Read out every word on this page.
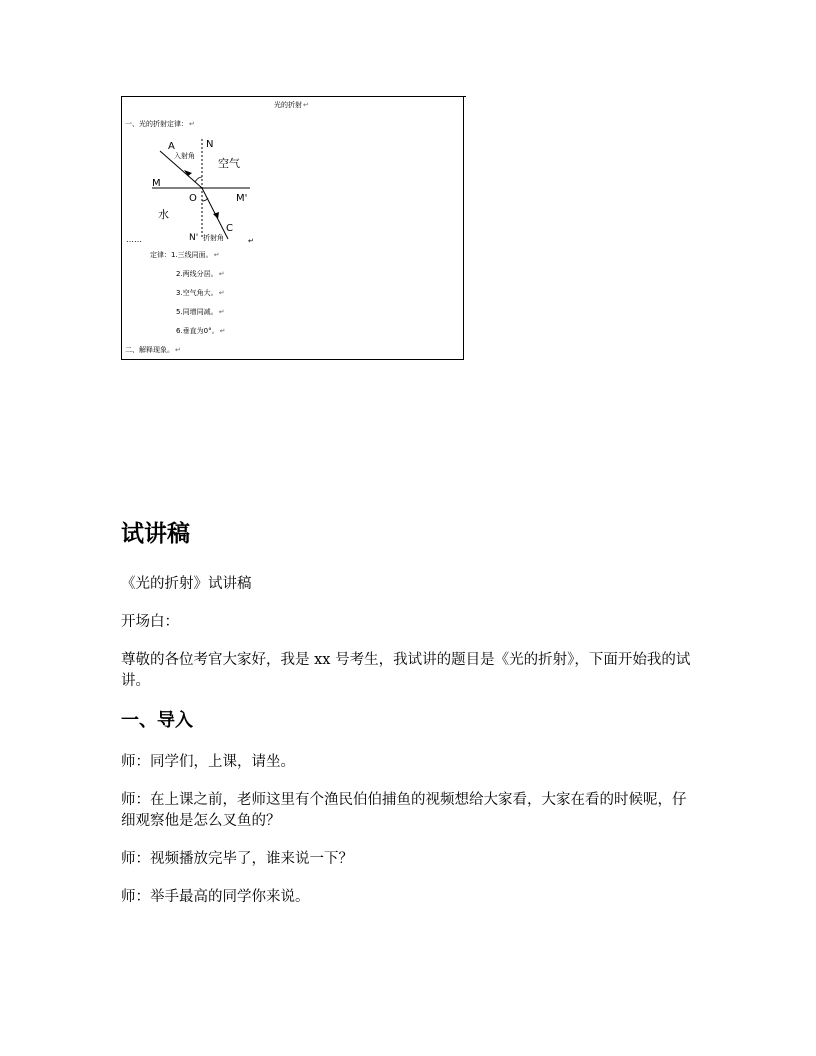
光的折射↵
一、光的折射定律：↵
A	N
入射角
空气
M
O	M'
水
C
N' 折射角
……	↵
定律：1.三线同面。↵
2.两线分居。↵
3.空气角大。↵
5.同增同减。↵
6.垂直为0°。↵
二、解释现象。↵
试讲稿

《光的折射》试讲稿

开场白：

尊敬的各位考官大家好，我是 xx 号考生，我试讲的题目是《光的折射》，下面开始我的试讲。

一、导入

师：同学们，上课，请坐。

师：在上课之前，老师这里有个渔民伯伯捕鱼的视频想给大家看，大家在看的时候呢，仔细观察他是怎么叉鱼的？

师：视频播放完毕了，谁来说一下？

师：举手最高的同学你来说。
